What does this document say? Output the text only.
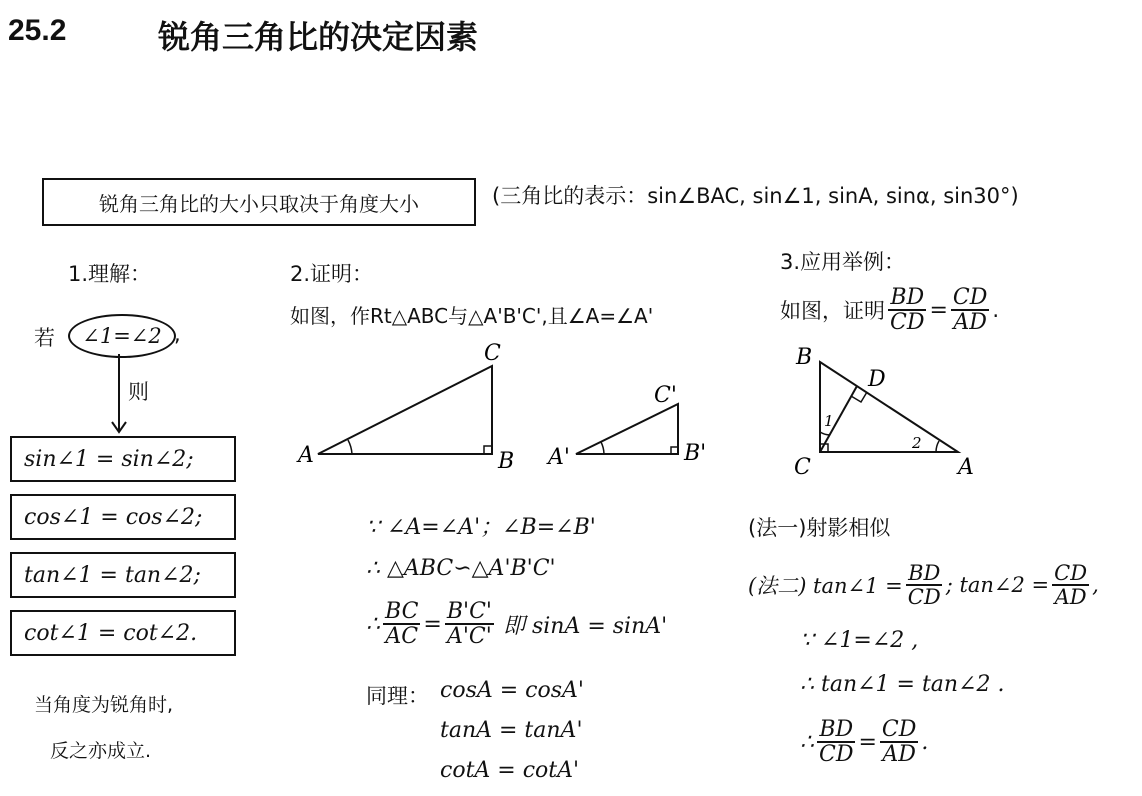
25.2	锐角三角比的决定因素
锐角三角比的大小只取决于角度大小	(三角比的表示：sin∠BAC, sin∠1, sinA, sinα, sin30°)
1.理解：
若 ∠1=∠2 ,
则
sin∠1 = sin∠2;
cos∠1 = cos∠2;
tan∠1 = tan∠2;
cot∠1 = cot∠2.
当角度为锐角时,
反之亦成立.
2.证明：
如图，作Rt△ABC与△A'B'C',且∠A=∠A'
A	B
C
A'	B'
C'
∵ ∠A=∠A'；∠B=∠B'
∴ △ABC∽△A'B'C'
∴ $\frac{BC}{AC} = \frac{B'C'}{A'C'}$ 即 sinA = sinA'
同理： cosA = cosA'
tanA = tanA'
cotA = cotA'
3.应用举例：
如图，证明 $\frac{BD}{CD} = \frac{CD}{AD}$ .
B
D
C	A
1
2
(法一)射影相似
(法二) tan∠1 = $\frac{BD}{CD}$ ; tan∠2 = $\frac{CD}{AD}$ ,
∵ ∠1=∠2 ,
∴ tan∠1 = tan∠2 .
∴ $\frac{BD}{CD} = \frac{CD}{AD}$ .
